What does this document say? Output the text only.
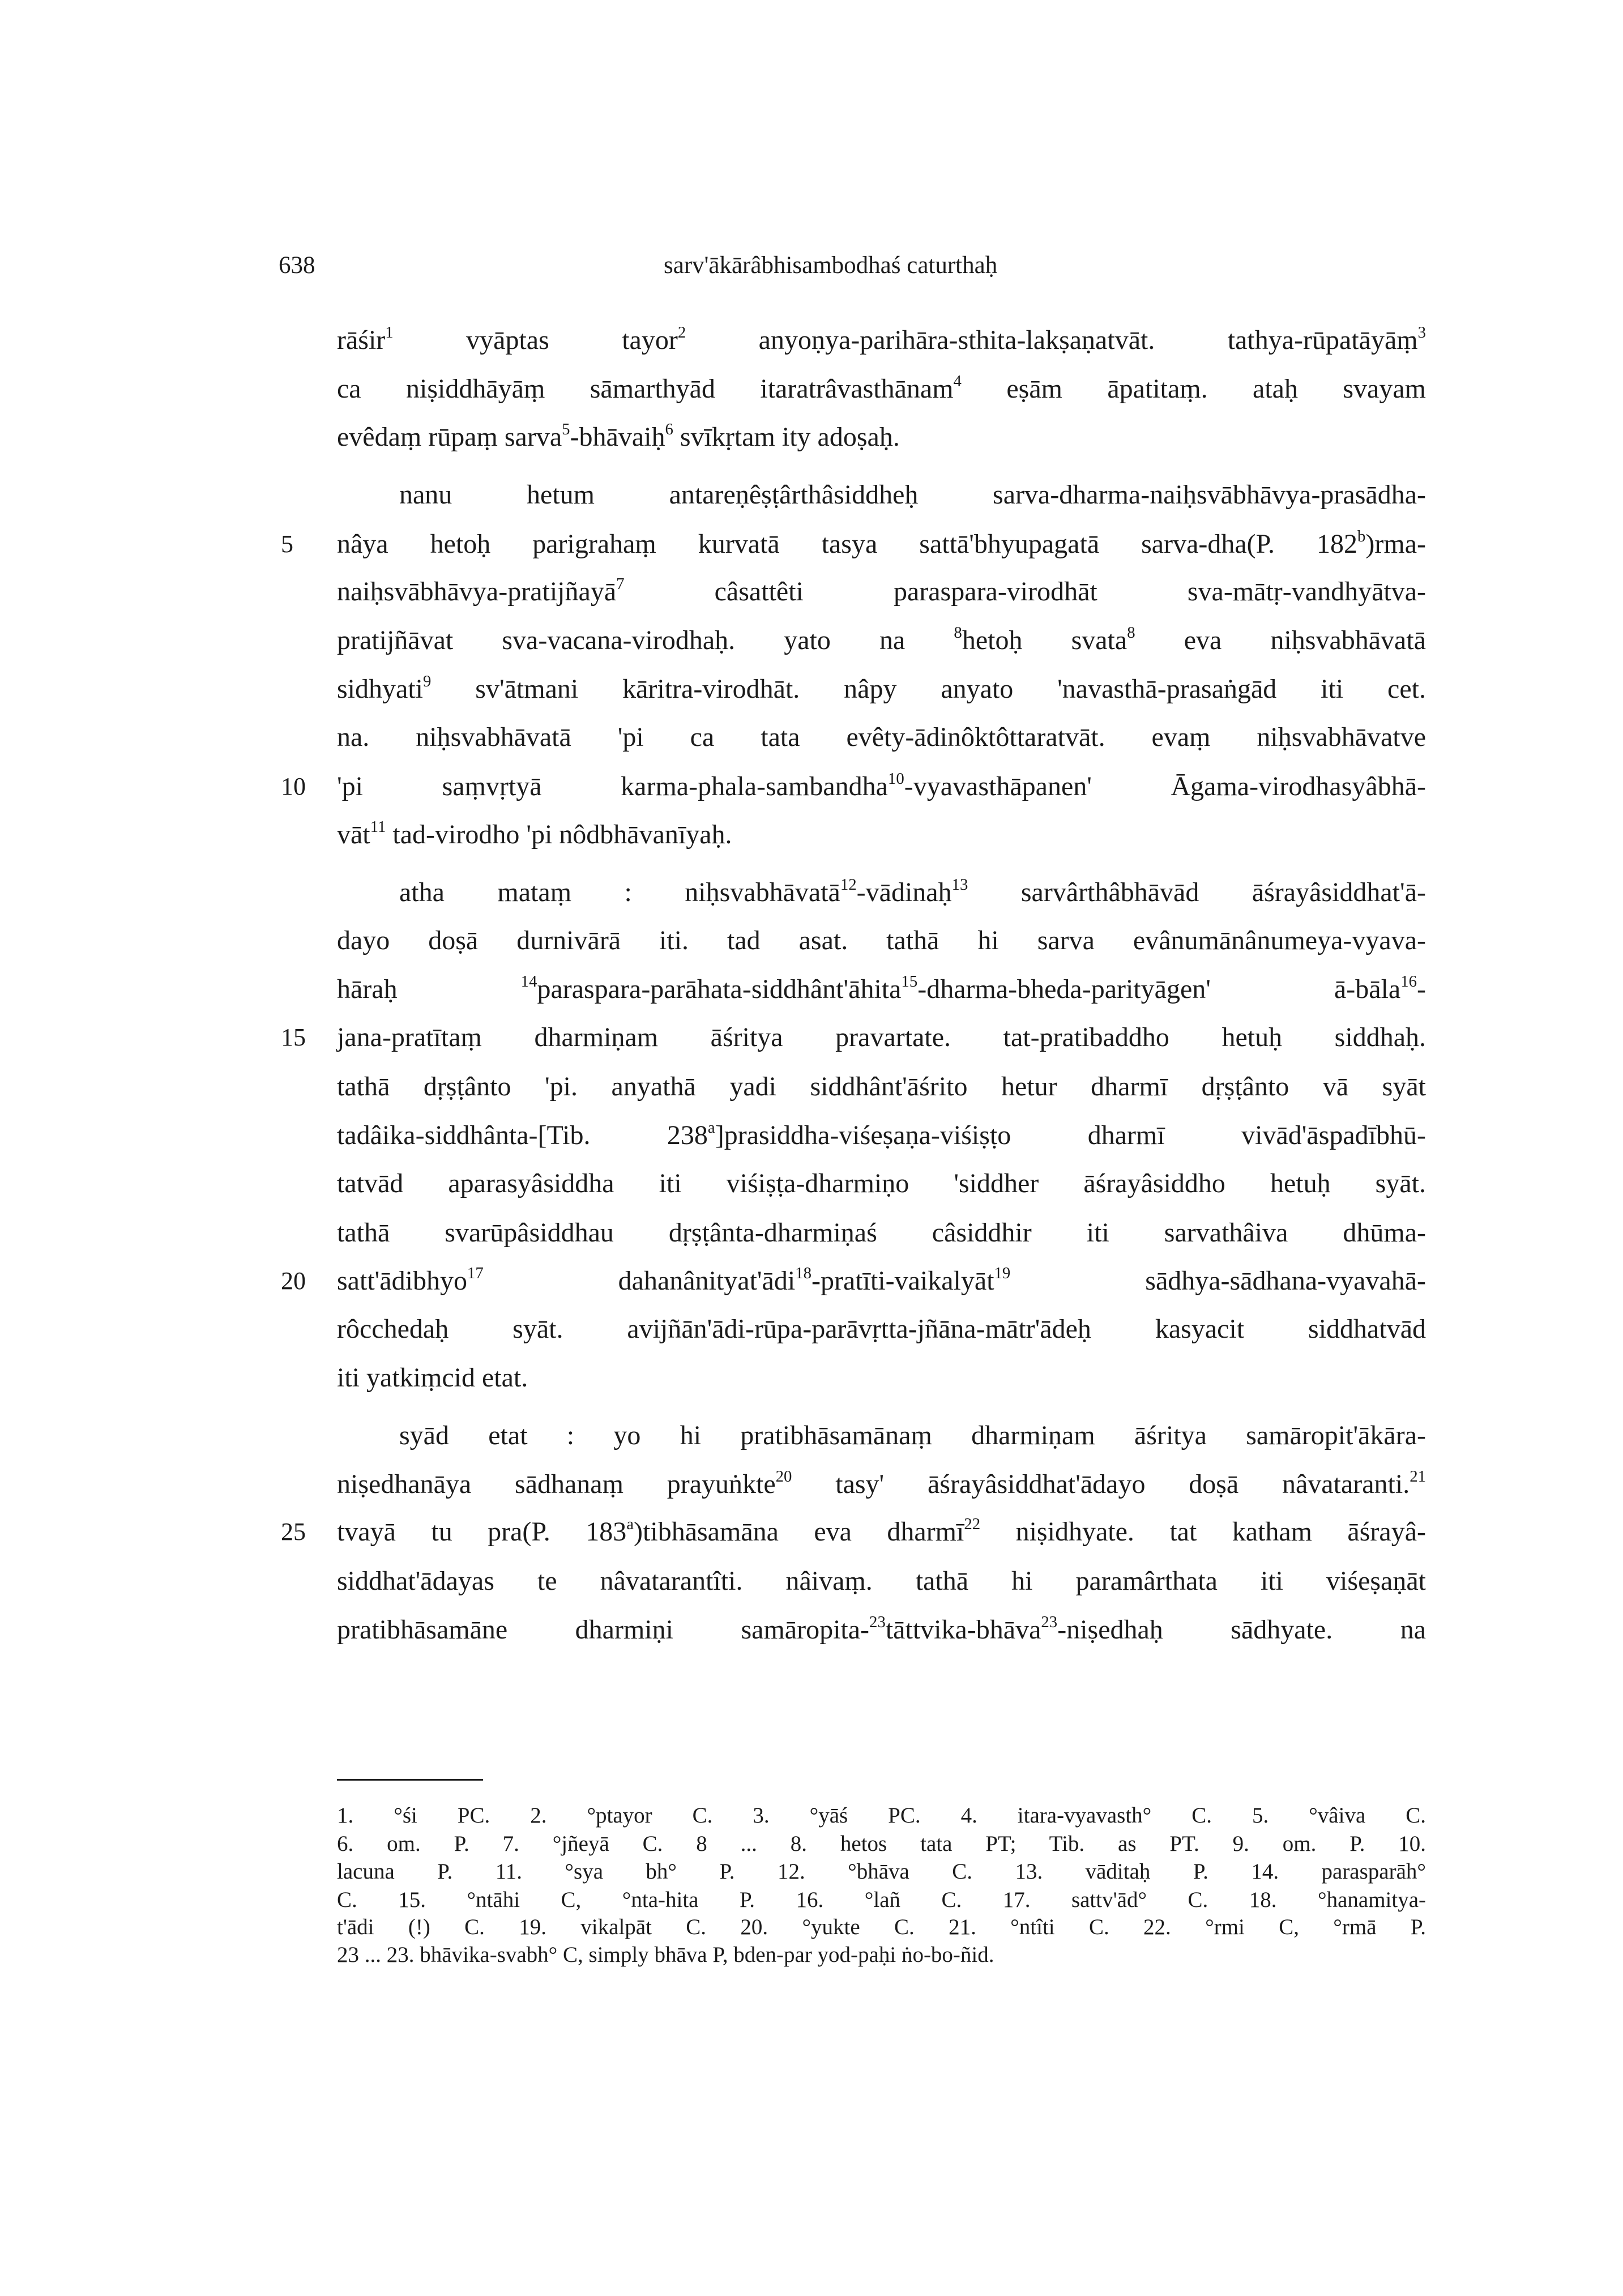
638	sarv'ākārâbhisambodhaś caturthaḥ
rāśir$^1$ vyāptas tayor$^2$ anyoṇya-parihāra-sthita-lakṣaṇatvāt. tathya-rūpatāyāṃ$^3$
ca niṣiddhāyāṃ sāmarthyād itaratrâvasthānam$^4$ eṣām āpatitaṃ. ataḥ svayam
evêdaṃ rūpaṃ sarva$^5$-bhāvaiḥ$^6$ svīkṛtam ity adoṣaḥ.
nanu hetum antareṇêṣṭârthâsiddheḥ sarva-dharma-naiḥsvābhāvya-prasādha-
nâya hetoḥ parigrahaṃ kurvatā tasya sattā'bhyupagatā sarva-dha(P. 182$^b$)rma-
naiḥsvābhāvya-pratijñayā$^7$ câsattêti paraspara-virodhāt sva-mātṛ-vandhyātva-
pratijñāvat sva-vacana-virodhaḥ. yato na $^8$hetoḥ svata$^8$ eva niḥsvabhāvatā
sidhyati$^9$ sv'ātmani kāritra-virodhāt. nâpy anyato 'navasthā-prasaṅgād iti cet.
na. niḥsvabhāvatā 'pi ca tata evêty-ādinôktôttaratvāt. evaṃ niḥsvabhāvatve
'pi saṃvṛtyā karma-phala-sambandha$^{10}$-vyavasthāpanen' Āgama-virodhasyâbhā-
vāt$^{11}$ tad-virodho 'pi nôdbhāvanīyaḥ.
atha mataṃ : niḥsvabhāvatā$^{12}$-vādinaḥ$^{13}$ sarvârthâbhāvād āśrayâsiddhat'ā-
dayo doṣā durnivārā iti. tad asat. tathā hi sarva evânumānânumeya-vyava-
hāraḥ $^{14}$paraspara-parāhata-siddhânt'āhita$^{15}$-dharma-bheda-parityāgen' ā-bāla$^{16}$-
jana-pratītaṃ dharmiṇam āśritya pravartate. tat-pratibaddho hetuḥ siddhaḥ.
tathā dṛṣṭânto 'pi. anyathā yadi siddhânt'āśrito hetur dharmī dṛṣṭânto vā syāt
tadâika-siddhânta-[Tib. 238$^a$]prasiddha-viśeṣaṇa-viśiṣṭo dharmī vivād'āspadībhū-
tatvād aparasyâsiddha iti viśiṣṭa-dharmiṇo 'siddher āśrayâsiddho hetuḥ syāt.
tathā svarūpâsiddhau dṛṣṭânta-dharmiṇaś câsiddhir iti sarvathâiva dhūma-
satt'ādibhyo$^{17}$ dahanânityat'ādi$^{18}$-pratīti-vaikalyāt$^{19}$ sādhya-sādhana-vyavahā-
rôcchedaḥ syāt. avijñān'ādi-rūpa-parāvṛtta-jñāna-mātr'ādeḥ kasyacit siddhatvād
iti yatkiṃcid etat.
syād etat : yo hi pratibhāsamānaṃ dharmiṇam āśritya samāropit'ākāra-
niṣedhanāya sādhanaṃ prayuṅkte$^{20}$ tasy' āśrayâsiddhat'ādayo doṣā nâvataranti.$^{21}$
tvayā tu pra(P. 183$^a$)tibhāsamāna eva dharmī$^{22}$ niṣidhyate. tat katham āśrayâ-
siddhat'ādayas te nâvatarantîti. nâivaṃ. tathā hi paramârthata iti viśeṣaṇāt
pratibhāsamāne dharmiṇi samāropita-$^{23}$tāttvika-bhāva$^{23}$-niṣedhaḥ sādhyate. na
5
10
15
20
25
1. °śi PC. 2. °ptayor C. 3. °yāś PC. 4. itara-vyavasth° C. 5. °vâiva C.
6. om. P. 7. °jñeyā C. 8 ... 8. hetos tata PT; Tib. as PT. 9. om. P. 10.
lacuna P. 11. °sya bh° P. 12. °bhāva C. 13. vāditaḥ P. 14. parasparāh°
C. 15. °ntāhi C, °nta-hita P. 16. °lañ C. 17. sattv'ād° C. 18. °hanamitya-
t'ādi (!) C. 19. vikalpāt C. 20. °yukte C. 21. °ntîti C. 22. °rmi C, °rmā P.
23 ... 23. bhāvika-svabh° C, simply bhāva P, bden-par yod-paḥi ṅo-bo-ñid.
